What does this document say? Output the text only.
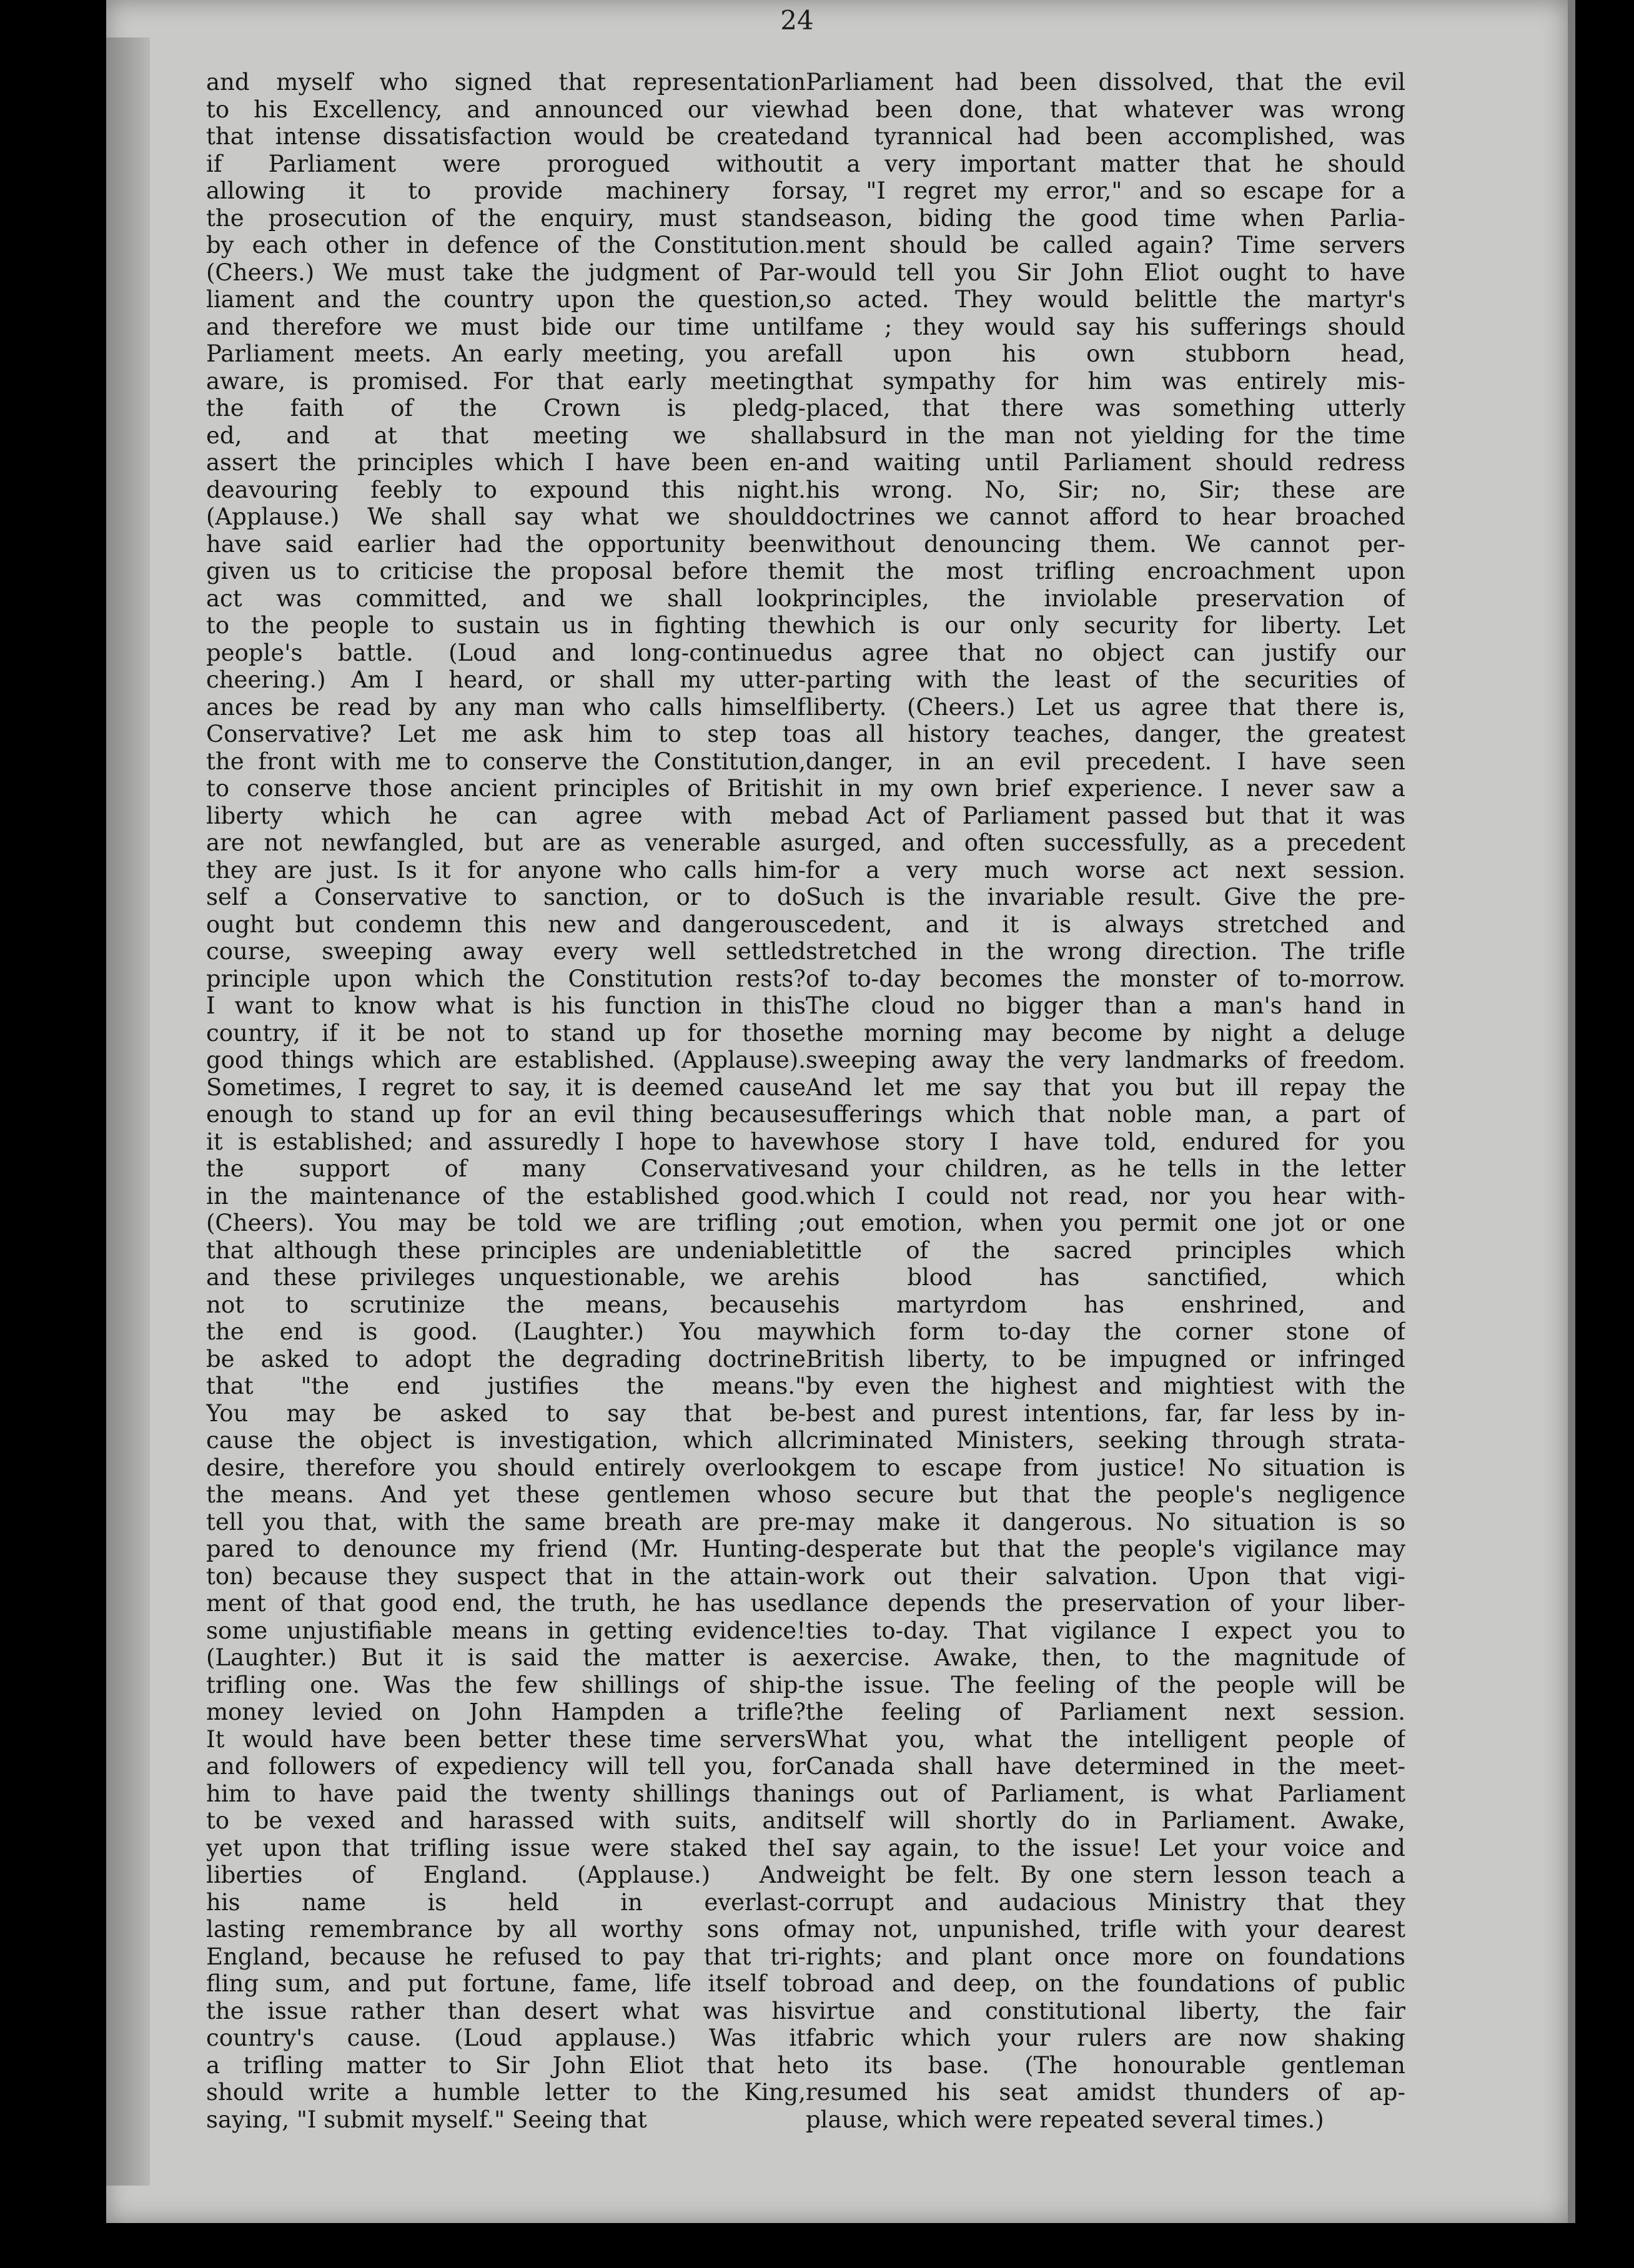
24
and myself who signed that representation
to his Excellency, and announced our view
that intense dissatisfaction would be created
if Parliament were prorogued without
allowing it to provide machinery for
the prosecution of the enquiry, must stand
by each other in defence of the Constitution.
(Cheers.) We must take the judgment of Par-
liament and the country upon the question,
and therefore we must bide our time until
Parliament meets. An early meeting, you are
aware, is promised. For that early meeting
the faith of the Crown is pledg-
ed, and at that meeting we shall
assert the principles which I have been en-
deavouring feebly to expound this night.
(Applause.) We shall say what we should
have said earlier had the opportunity been
given us to criticise the proposal before the
act was committed, and we shall look
to the people to sustain us in fighting the
people's battle. (Loud and long-continued
cheering.) Am I heard, or shall my utter-
ances be read by any man who calls himself
Conservative? Let me ask him to step to
the front with me to conserve the Constitution,
to conserve those ancient principles of British
liberty which he can agree with me
are not newfangled, but are as venerable as
they are just. Is it for anyone who calls him-
self a Conservative to sanction, or to do
ought but condemn this new and dangerous
course, sweeping away every well settled
principle upon which the Constitution rests?
I want to know what is his function in this
country, if it be not to stand up for those
good things which are established. (Applause).
Sometimes, I regret to say, it is deemed cause
enough to stand up for an evil thing because
it is established; and assuredly I hope to have
the support of many Conservatives
in the maintenance of the established good.
(Cheers). You may be told we are trifling ;
that although these principles are undeniable
and these privileges unquestionable, we are
not to scrutinize the means, because
the end is good. (Laughter.) You may
be asked to adopt the degrading doctrine
that "the end justifies the means."
You may be asked to say that be-
cause the object is investigation, which all
desire, therefore you should entirely overlook
the means. And yet these gentlemen who
tell you that, with the same breath are pre-
pared to denounce my friend (Mr. Hunting-
ton) because they suspect that in the attain-
ment of that good end, the truth, he has used
some unjustifiable means in getting evidence!
(Laughter.) But it is said the matter is a
trifling one. Was the few shillings of ship-
money levied on John Hampden a trifle?
It would have been better these time servers
and followers of expediency will tell you, for
him to have paid the twenty shillings than
to be vexed and harassed with suits, and
yet upon that trifling issue were staked the
liberties of England. (Applause.) And
his name is held in everlast-
lasting remembrance by all worthy sons of
England, because he refused to pay that tri-
fling sum, and put fortune, fame, life itself to
the issue rather than desert what was his
country's cause. (Loud applause.) Was it
a trifling matter to Sir John Eliot that he
should write a humble letter to the King,
saying, "I submit myself." Seeing that
Parliament had been dissolved, that the evil
had been done, that whatever was wrong
and tyrannical had been accomplished, was
it a very important matter that he should
say, "I regret my error," and so escape for a
season, biding the good time when Parlia-
ment should be called again? Time servers
would tell you Sir John Eliot ought to have
so acted. They would belittle the martyr's
fame ; they would say his sufferings should
fall upon his own stubborn head,
that sympathy for him was entirely mis-
placed, that there was something utterly
absurd in the man not yielding for the time
and waiting until Parliament should redress
his wrong. No, Sir; no, Sir; these are
doctrines we cannot afford to hear broached
without denouncing them. We cannot per-
mit the most trifling encroachment upon
principles, the inviolable preservation of
which is our only security for liberty. Let
us agree that no object can justify our
parting with the least of the securities of
liberty. (Cheers.) Let us agree that there is,
as all history teaches, danger, the greatest
danger, in an evil precedent. I have seen
it in my own brief experience. I never saw a
bad Act of Parliament passed but that it was
urged, and often successfully, as a precedent
for a very much worse act next session.
Such is the invariable result. Give the pre-
cedent, and it is always stretched and
stretched in the wrong direction. The trifle
of to-day becomes the monster of to-morrow.
The cloud no bigger than a man's hand in
the morning may become by night a deluge
sweeping away the very landmarks of freedom.
And let me say that you but ill repay the
sufferings which that noble man, a part of
whose story I have told, endured for you
and your children, as he tells in the letter
which I could not read, nor you hear with-
out emotion, when you permit one jot or one
tittle of the sacred principles which
his blood has sanctified, which
his martyrdom has enshrined, and
which form to-day the corner stone of
British liberty, to be impugned or infringed
by even the highest and mightiest with the
best and purest intentions, far, far less by in-
criminated Ministers, seeking through strata-
gem to escape from justice! No situation is
so secure but that the people's negligence
may make it dangerous. No situation is so
desperate but that the people's vigilance may
work out their salvation. Upon that vigi-
lance depends the preservation of your liber-
ties to-day. That vigilance I expect you to
exercise. Awake, then, to the magnitude of
the issue. The feeling of the people will be
the feeling of Parliament next session.
What you, what the intelligent people of
Canada shall have determined in the meet-
ings out of Parliament, is what Parliament
itself will shortly do in Parliament. Awake,
I say again, to the issue! Let your voice and
weight be felt. By one stern lesson teach a
corrupt and audacious Ministry that they
may not, unpunished, trifle with your dearest
rights; and plant once more on foundations
broad and deep, on the foundations of public
virtue and constitutional liberty, the fair
fabric which your rulers are now shaking
to its base. (The honourable gentleman
resumed his seat amidst thunders of ap-
plause, which were repeated several times.)
